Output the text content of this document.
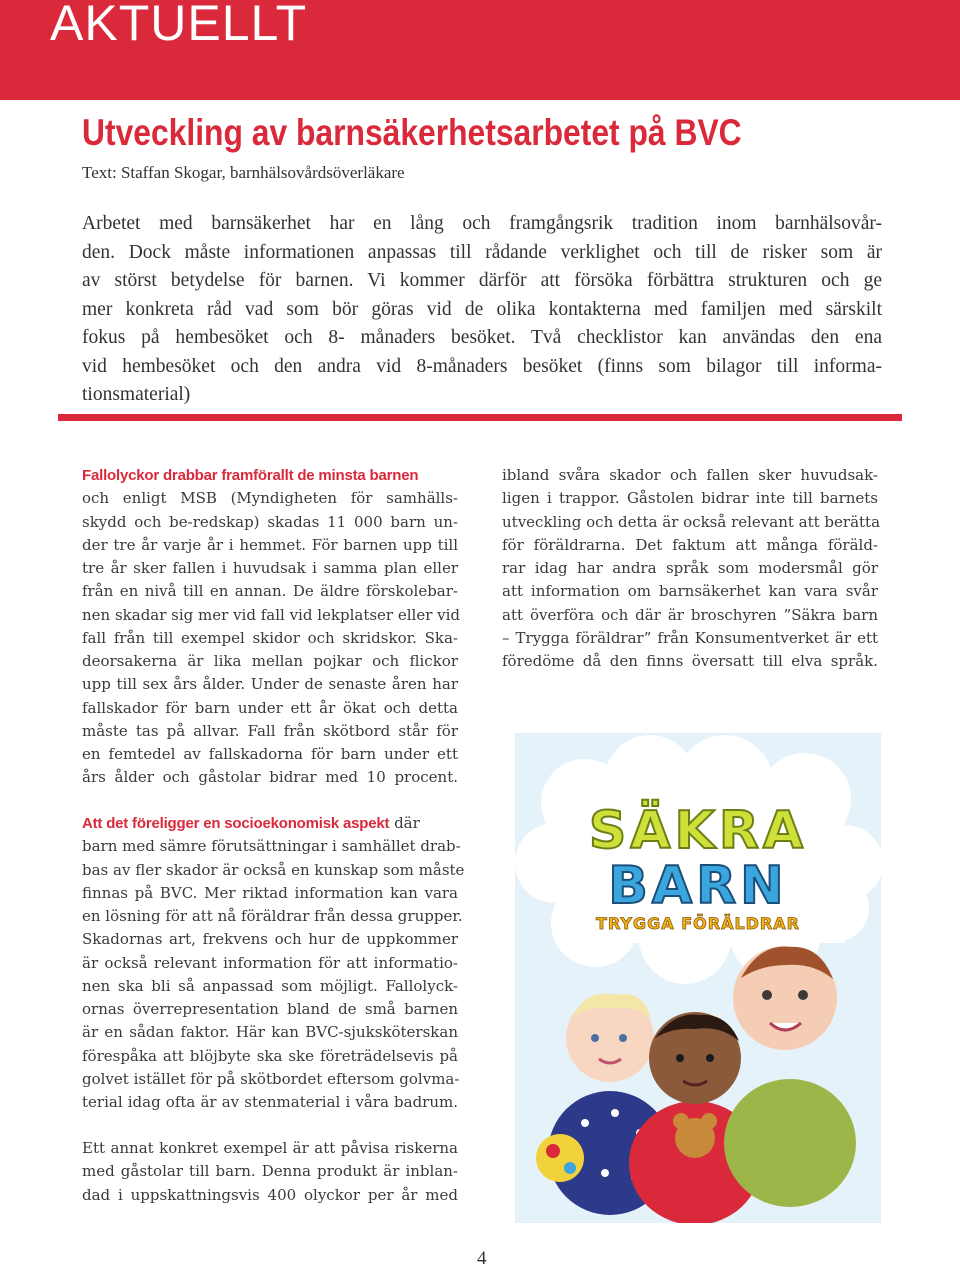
AKTUELLT
Utveckling av barnsäkerhetsarbetet på BVC
Text: Staffan Skogar, barnhälsovårdsöverläkare
Arbetet med barnsäkerhet har en lång och framgångsrik tradition inom barnhälsovår-
den. Dock måste informationen anpassas till rådande verklighet och till de risker som är
av störst betydelse för barnen. Vi kommer därför att försöka förbättra strukturen och ge
mer konkreta råd vad som bör göras vid de olika kontakterna med familjen med särskilt
fokus på hembesöket och 8- månaders besöket. Två checklistor kan användas den ena
vid hembesöket och den andra vid 8-månaders besöket (finns som bilagor till informa-
tionsmaterial)
Fallolyckor drabbar framförallt de minsta barnen
och enligt MSB (Myndigheten för samhälls-
skydd och be-redskap) skadas 11 000 barn un-
der tre år varje år i hemmet. För barnen upp till
tre år sker fallen i huvudsak i samma plan eller
från en nivå till en annan. De äldre förskolebar-
nen skadar sig mer vid fall vid lekplatser eller vid
fall från till exempel skidor och skridskor. Ska-
deorsakerna är lika mellan pojkar och flickor
upp till sex års ålder. Under de senaste åren har
fallskador för barn under ett år ökat och detta
måste tas på allvar. Fall från skötbord står för
en femtedel av fallskadorna för barn under ett
års ålder och gåstolar bidrar med 10 procent.
Att det föreligger en socioekonomisk aspekt där
barn med sämre förutsättningar i samhället drab-
bas av fler skador är också en kunskap som måste
finnas på BVC. Mer riktad information kan vara
en lösning för att nå föräldrar från dessa grupper.
Skadornas art, frekvens och hur de uppkommer
är också relevant information för att informatio-
nen ska bli så anpassad som möjligt. Fallolyck-
ornas överrepresentation bland de små barnen
är en sådan faktor. Här kan BVC-sjuksköterskan
förespåka att blöjbyte ska ske företrädelsevis på
golvet istället för på skötbordet eftersom golvma-
terial idag ofta är av stenmaterial i våra badrum.
Ett annat konkret exempel är att påvisa riskerna
med gåstolar till barn. Denna produkt är inblan-
dad i uppskattningsvis 400 olyckor per år med
ibland svåra skador och fallen sker huvudsak-
ligen i trappor. Gåstolen bidrar inte till barnets
utveckling och detta är också relevant att berätta
för föräldrarna. Det faktum att många föräld-
rar idag har andra språk som modersmål gör
att information om barnsäkerhet kan vara svår
att överföra och där är broschyren ”Säkra barn
– Trygga föräldrar” från Konsumentverket är ett
föredöme då den finns översatt till elva språk.
SÄKRA
BARN
TRYGGA FÖRÄLDRAR
4
